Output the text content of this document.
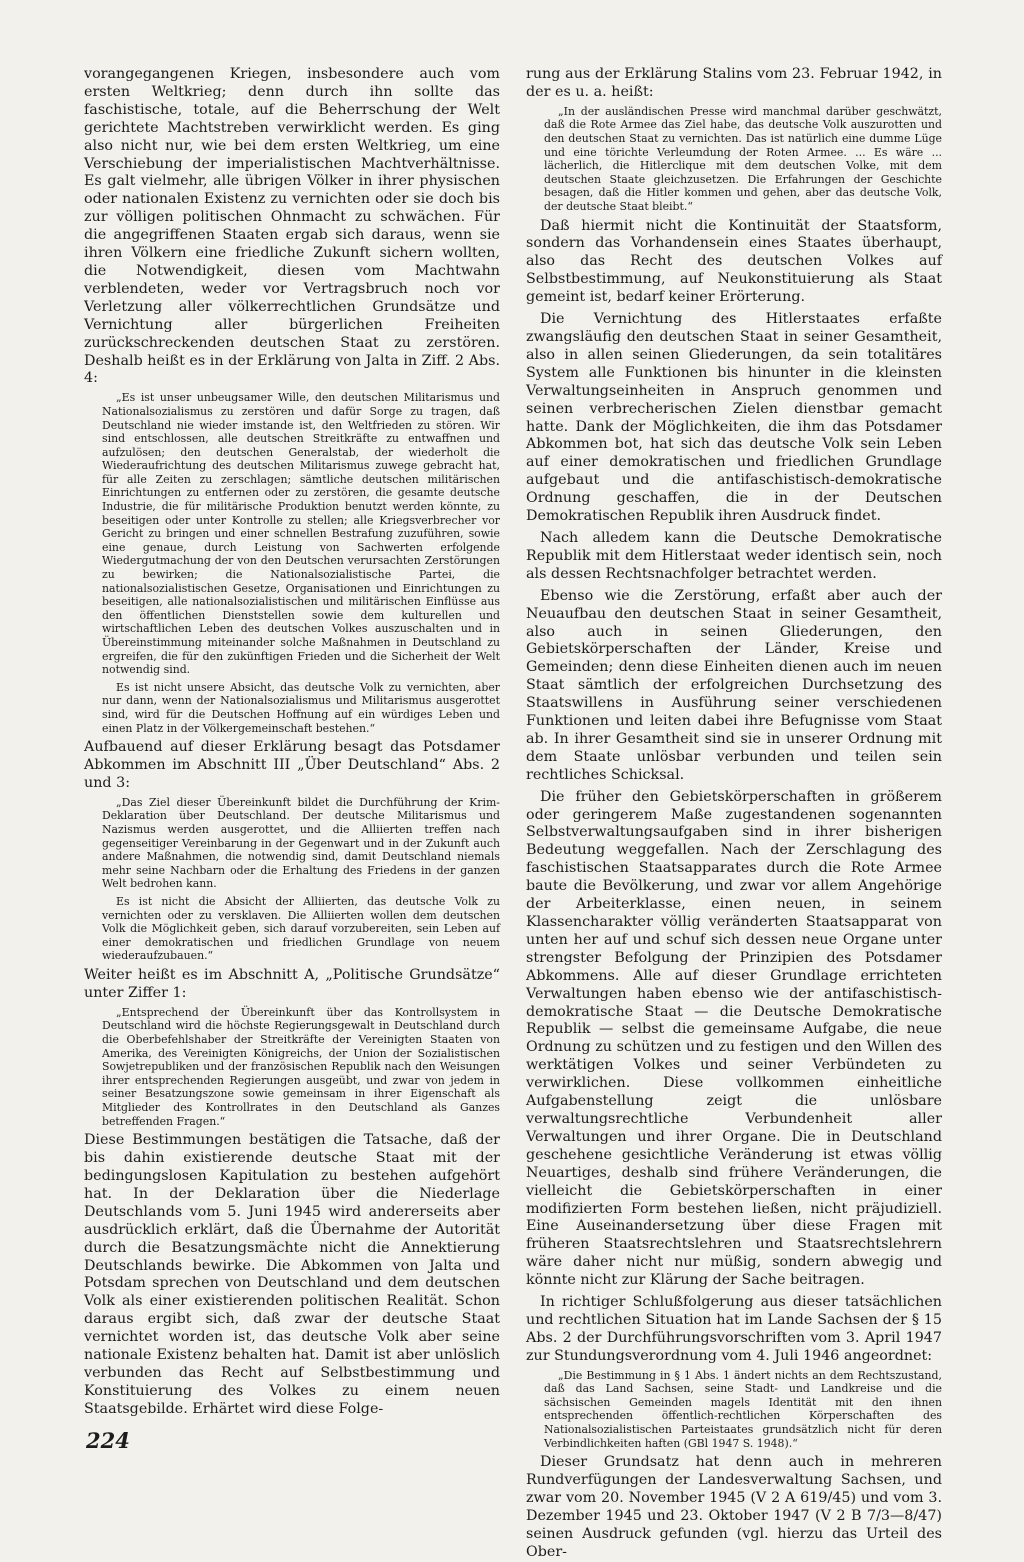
vorangegangenen Kriegen, insbesondere auch vom ersten Weltkrieg; denn durch ihn sollte das faschistische, totale, auf die Beherrschung der Welt gerichtete Machtstreben verwirklicht werden. Es ging also nicht nur, wie bei dem ersten Weltkrieg, um eine Verschiebung der imperialistischen Machtverhältnisse. Es galt vielmehr, alle übrigen Völker in ihrer physischen oder nationalen Existenz zu vernichten oder sie doch bis zur völligen politischen Ohnmacht zu schwächen. Für die angegriffenen Staaten ergab sich daraus, wenn sie ihren Völkern eine friedliche Zukunft sichern wollten, die Notwendigkeit, diesen vom Machtwahn verblendeten, weder vor Vertragsbruch noch vor Verletzung aller völkerrechtlichen Grundsätze und Vernichtung aller bürgerlichen Freiheiten zurückschreckenden deutschen Staat zu zerstören. Deshalb heißt es in der Erklärung von Jalta in Ziff. 2 Abs. 4:

„Es ist unser unbeugsamer Wille, den deutschen Militarismus und Nationalsozialismus zu zerstören und dafür Sorge zu tragen, daß Deutschland nie wieder imstande ist, den Weltfrieden zu stören. Wir sind entschlossen, alle deutschen Streitkräfte zu entwaffnen und aufzulösen; den deutschen Generalstab, der wiederholt die Wiederaufrichtung des deutschen Militarismus zuwege gebracht hat, für alle Zeiten zu zerschlagen; sämtliche deutschen militärischen Einrichtungen zu entfernen oder zu zerstören, die gesamte deutsche Industrie, die für militärische Produktion benutzt werden könnte, zu beseitigen oder unter Kontrolle zu stellen; alle Kriegsverbrecher vor Gericht zu bringen und einer schnellen Bestrafung zuzuführen, sowie eine genaue, durch Leistung von Sachwerten erfolgende Wiedergutmachung der von den Deutschen verursachten Zerstörungen zu bewirken; die Nationalsozialistische Partei, die nationalsozialistischen Gesetze, Organisationen und Einrichtungen zu beseitigen, alle nationalsozialistischen und militärischen Einflüsse aus den öffentlichen Dienststellen sowie dem kulturellen und wirtschaftlichen Leben des deutschen Volkes auszuschalten und in Übereinstimmung miteinander solche Maßnahmen in Deutschland zu ergreifen, die für den zukünftigen Frieden und die Sicherheit der Welt notwendig sind.

Es ist nicht unsere Absicht, das deutsche Volk zu vernichten, aber nur dann, wenn der Nationalsozialismus und Militarismus ausgerottet sind, wird für die Deutschen Hoffnung auf ein würdiges Leben und einen Platz in der Völkergemeinschaft bestehen.“

Aufbauend auf dieser Erklärung besagt das Potsdamer Abkommen im Abschnitt III „Über Deutschland“ Abs. 2 und 3:

„Das Ziel dieser Übereinkunft bildet die Durchführung der Krim-Deklaration über Deutschland. Der deutsche Militarismus und Nazismus werden ausgerottet, und die Alliierten treffen nach gegenseitiger Vereinbarung in der Gegenwart und in der Zukunft auch andere Maßnahmen, die notwendig sind, damit Deutschland niemals mehr seine Nachbarn oder die Erhaltung des Friedens in der ganzen Welt bedrohen kann.

Es ist nicht die Absicht der Alliierten, das deutsche Volk zu vernichten oder zu versklaven. Die Alliierten wollen dem deutschen Volk die Möglichkeit geben, sich darauf vorzubereiten, sein Leben auf einer demokratischen und friedlichen Grundlage von neuem wiederaufzubauen.“

Weiter heißt es im Abschnitt A, „Politische Grundsätze“ unter Ziffer 1:

„Entsprechend der Übereinkunft über das Kontrollsystem in Deutschland wird die höchste Regierungsgewalt in Deutschland durch die Oberbefehlshaber der Streitkräfte der Vereinigten Staaten von Amerika, des Vereinigten Königreichs, der Union der Sozialistischen Sowjetrepubliken und der französischen Republik nach den Weisungen ihrer entsprechenden Regierungen ausgeübt, und zwar von jedem in seiner Besatzungszone sowie gemeinsam in ihrer Eigenschaft als Mitglieder des Kontrollrates in den Deutschland als Ganzes betreffenden Fragen.“

Diese Bestimmungen bestätigen die Tatsache, daß der bis dahin existierende deutsche Staat mit der bedingungslosen Kapitulation zu bestehen aufgehört hat. In der Deklaration über die Niederlage Deutschlands vom 5. Juni 1945 wird andererseits aber ausdrücklich erklärt, daß die Übernahme der Autorität durch die Besatzungsmächte nicht die Annektierung Deutschlands bewirke. Die Abkommen von Jalta und Potsdam sprechen von Deutschland und dem deutschen Volk als einer existierenden politischen Realität. Schon daraus ergibt sich, daß zwar der deutsche Staat vernichtet worden ist, das deutsche Volk aber seine nationale Existenz behalten hat. Damit ist aber unlöslich verbunden das Recht auf Selbstbestimmung und Konstituierung des Volkes zu einem neuen Staatsgebilde. Erhärtet wird diese Folge-

rung aus der Erklärung Stalins vom 23. Februar 1942, in der es u. a. heißt:

„In der ausländischen Presse wird manchmal darüber geschwätzt, daß die Rote Armee das Ziel habe, das deutsche Volk auszurotten und den deutschen Staat zu vernichten. Das ist natürlich eine dumme Lüge und eine törichte Verleumdung der Roten Armee. ... Es wäre ... lächerlich, die Hitlerclique mit dem deutschen Volke, mit dem deutschen Staate gleichzusetzen. Die Erfahrungen der Geschichte besagen, daß die Hitler kommen und gehen, aber das deutsche Volk, der deutsche Staat bleibt.“

Daß hiermit nicht die Kontinuität der Staatsform, sondern das Vorhandensein eines Staates überhaupt, also das Recht des deutschen Volkes auf Selbstbestimmung, auf Neukonstituierung als Staat gemeint ist, bedarf keiner Erörterung.

Die Vernichtung des Hitlerstaates erfaßte zwangsläufig den deutschen Staat in seiner Gesamtheit, also in allen seinen Gliederungen, da sein totalitäres System alle Funktionen bis hinunter in die kleinsten Verwaltungseinheiten in Anspruch genommen und seinen verbrecherischen Zielen dienstbar gemacht hatte. Dank der Möglichkeiten, die ihm das Potsdamer Abkommen bot, hat sich das deutsche Volk sein Leben auf einer demokratischen und friedlichen Grundlage aufgebaut und die antifaschistisch-demokratische Ordnung geschaffen, die in der Deutschen Demokratischen Republik ihren Ausdruck findet.

Nach alledem kann die Deutsche Demokratische Republik mit dem Hitlerstaat weder identisch sein, noch als dessen Rechtsnachfolger betrachtet werden.

Ebenso wie die Zerstörung, erfaßt aber auch der Neuaufbau den deutschen Staat in seiner Gesamtheit, also auch in seinen Gliederungen, den Gebietskörperschaften der Länder, Kreise und Gemeinden; denn diese Einheiten dienen auch im neuen Staat sämtlich der erfolgreichen Durchsetzung des Staatswillens in Ausführung seiner verschiedenen Funktionen und leiten dabei ihre Befugnisse vom Staat ab. In ihrer Gesamtheit sind sie in unserer Ordnung mit dem Staate unlösbar verbunden und teilen sein rechtliches Schicksal.

Die früher den Gebietskörperschaften in größerem oder geringerem Maße zugestandenen sogenannten Selbstverwaltungsaufgaben sind in ihrer bisherigen Bedeutung weggefallen. Nach der Zerschlagung des faschistischen Staatsapparates durch die Rote Armee baute die Bevölkerung, und zwar vor allem Angehörige der Arbeiterklasse, einen neuen, in seinem Klassencharakter völlig veränderten Staatsapparat von unten her auf und schuf sich dessen neue Organe unter strengster Befolgung der Prinzipien des Potsdamer Abkommens. Alle auf dieser Grundlage errichteten Verwaltungen haben ebenso wie der antifaschistisch-demokratische Staat — die Deutsche Demokratische Republik — selbst die gemeinsame Aufgabe, die neue Ordnung zu schützen und zu festigen und den Willen des werktätigen Volkes und seiner Verbündeten zu verwirklichen. Diese vollkommen einheitliche Aufgabenstellung zeigt die unlösbare verwaltungsrechtliche Verbundenheit aller Verwaltungen und ihrer Organe. Die in Deutschland geschehene gesichtliche Veränderung ist etwas völlig Neuartiges, deshalb sind frühere Veränderungen, die vielleicht die Gebietskörperschaften in einer modifizierten Form bestehen ließen, nicht präjudiziell. Eine Auseinandersetzung über diese Fragen mit früheren Staatsrechtslehren und Staatsrechtslehrern wäre daher nicht nur müßig, sondern abwegig und könnte nicht zur Klärung der Sache beitragen.

In richtiger Schlußfolgerung aus dieser tatsächlichen und rechtlichen Situation hat im Lande Sachsen der § 15 Abs. 2 der Durchführungsvorschriften vom 3. April 1947 zur Stundungsverordnung vom 4. Juli 1946 angeordnet:

„Die Bestimmung in § 1 Abs. 1 ändert nichts an dem Rechtszustand, daß das Land Sachsen, seine Stadt- und Landkreise und die sächsischen Gemeinden magels Identität mit den ihnen entsprechenden öffentlich-rechtlichen Körperschaften des Nationalsozialistischen Parteistaates grundsätzlich nicht für deren Verbindlichkeiten haften (GBl 1947 S. 1948).“

Dieser Grundsatz hat denn auch in mehreren Rundverfügungen der Landesverwaltung Sachsen, und zwar vom 20. November 1945 (V 2 A 619/45) und vom 3. Dezember 1945 und 23. Oktober 1947 (V 2 B 7/3—8/47) seinen Ausdruck gefunden (vgl. hierzu das Urteil des Ober-

224
